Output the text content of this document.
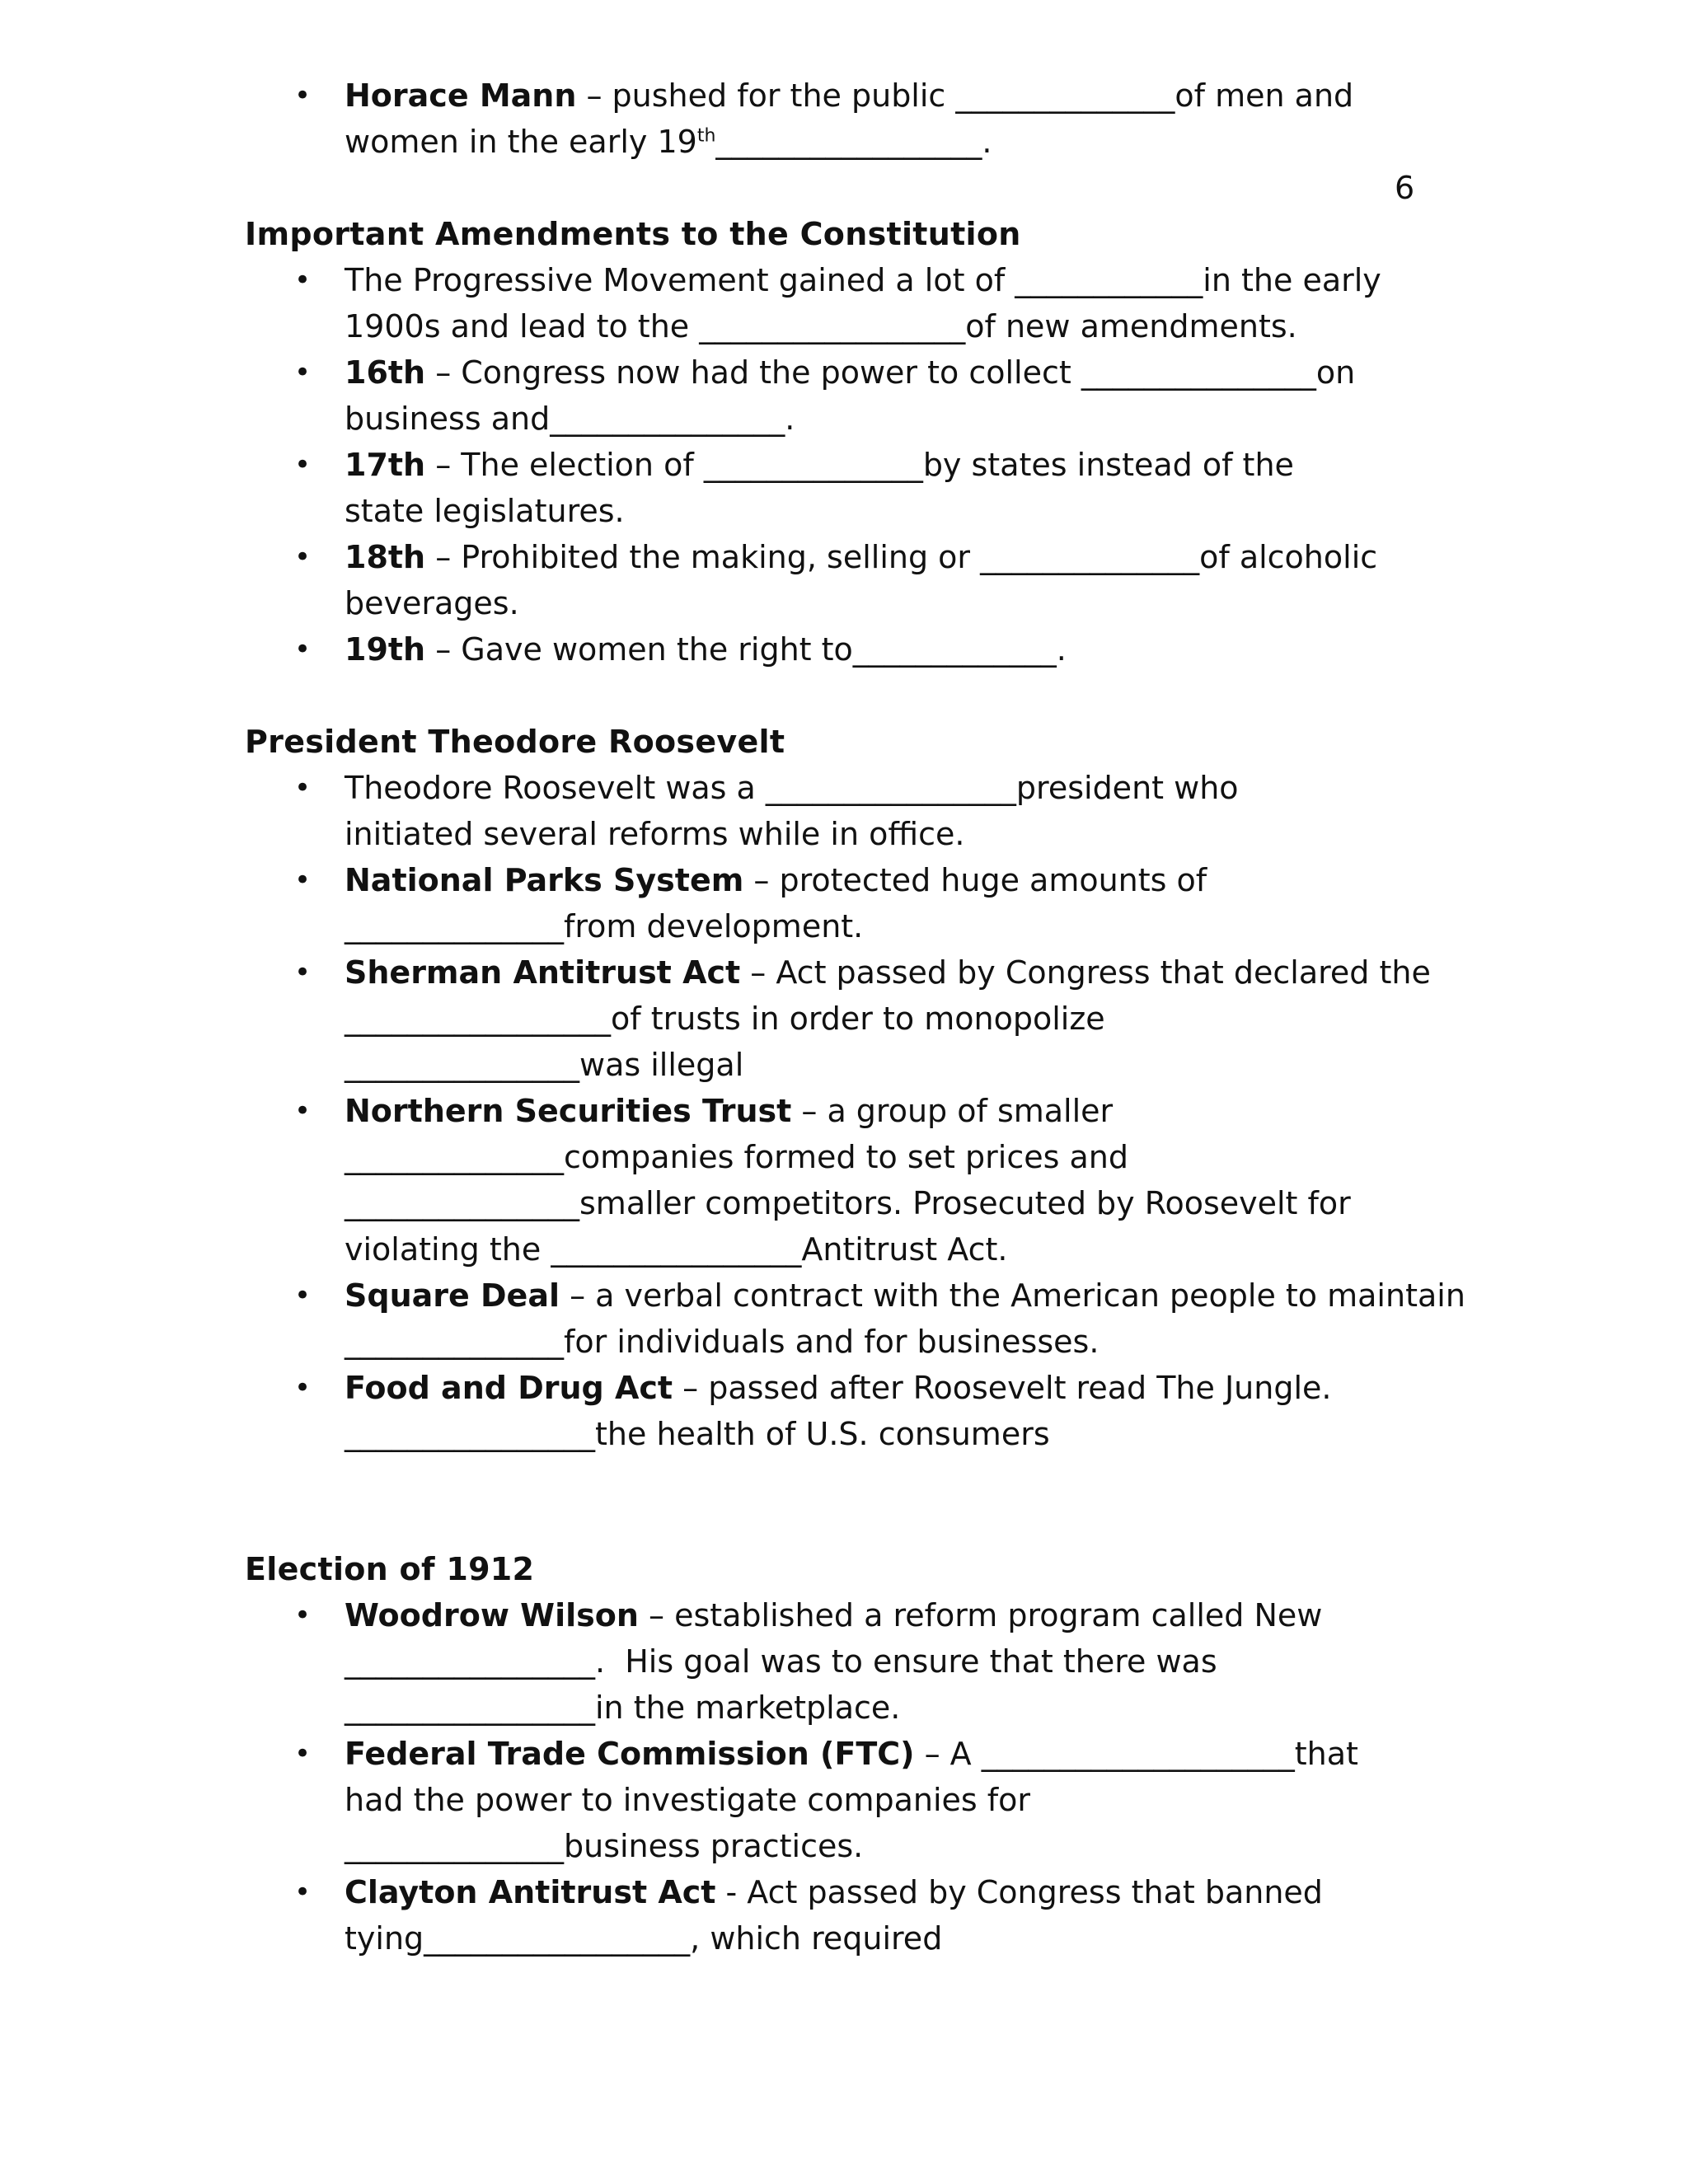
6
• Horace Mann – pushed for the public ______________of men and
women in the early 19th_________________.
Important Amendments to the Constitution
• The Progressive Movement gained a lot of ____________in the early
1900s and lead to the _________________of new amendments.
• 16th – Congress now had the power to collect _______________on
business and_______________.
• 17th – The election of ______________by states instead of the
state legislatures.
• 18th – Prohibited the making, selling or ______________of alcoholic
beverages.
• 19th – Gave women the right to_____________.
President Theodore Roosevelt
• Theodore Roosevelt was a ________________president who
initiated several reforms while in office.
• National Parks System – protected huge amounts of
______________from development.
• Sherman Antitrust Act – Act passed by Congress that declared the
_________________of trusts in order to monopolize
_______________was illegal
• Northern Securities Trust – a group of smaller
______________companies formed to set prices and
_______________smaller competitors. Prosecuted by Roosevelt for
violating the ________________Antitrust Act.
• Square Deal – a verbal contract with the American people to maintain
______________for individuals and for businesses.
• Food and Drug Act – passed after Roosevelt read The Jungle.
________________the health of U.S. consumers
Election of 1912
• Woodrow Wilson – established a reform program called New
________________.  His goal was to ensure that there was
________________in the marketplace.
• Federal Trade Commission (FTC) – A ____________________that
had the power to investigate companies for
______________business practices.
• Clayton Antitrust Act - Act passed by Congress that banned
tying_________________, which required
